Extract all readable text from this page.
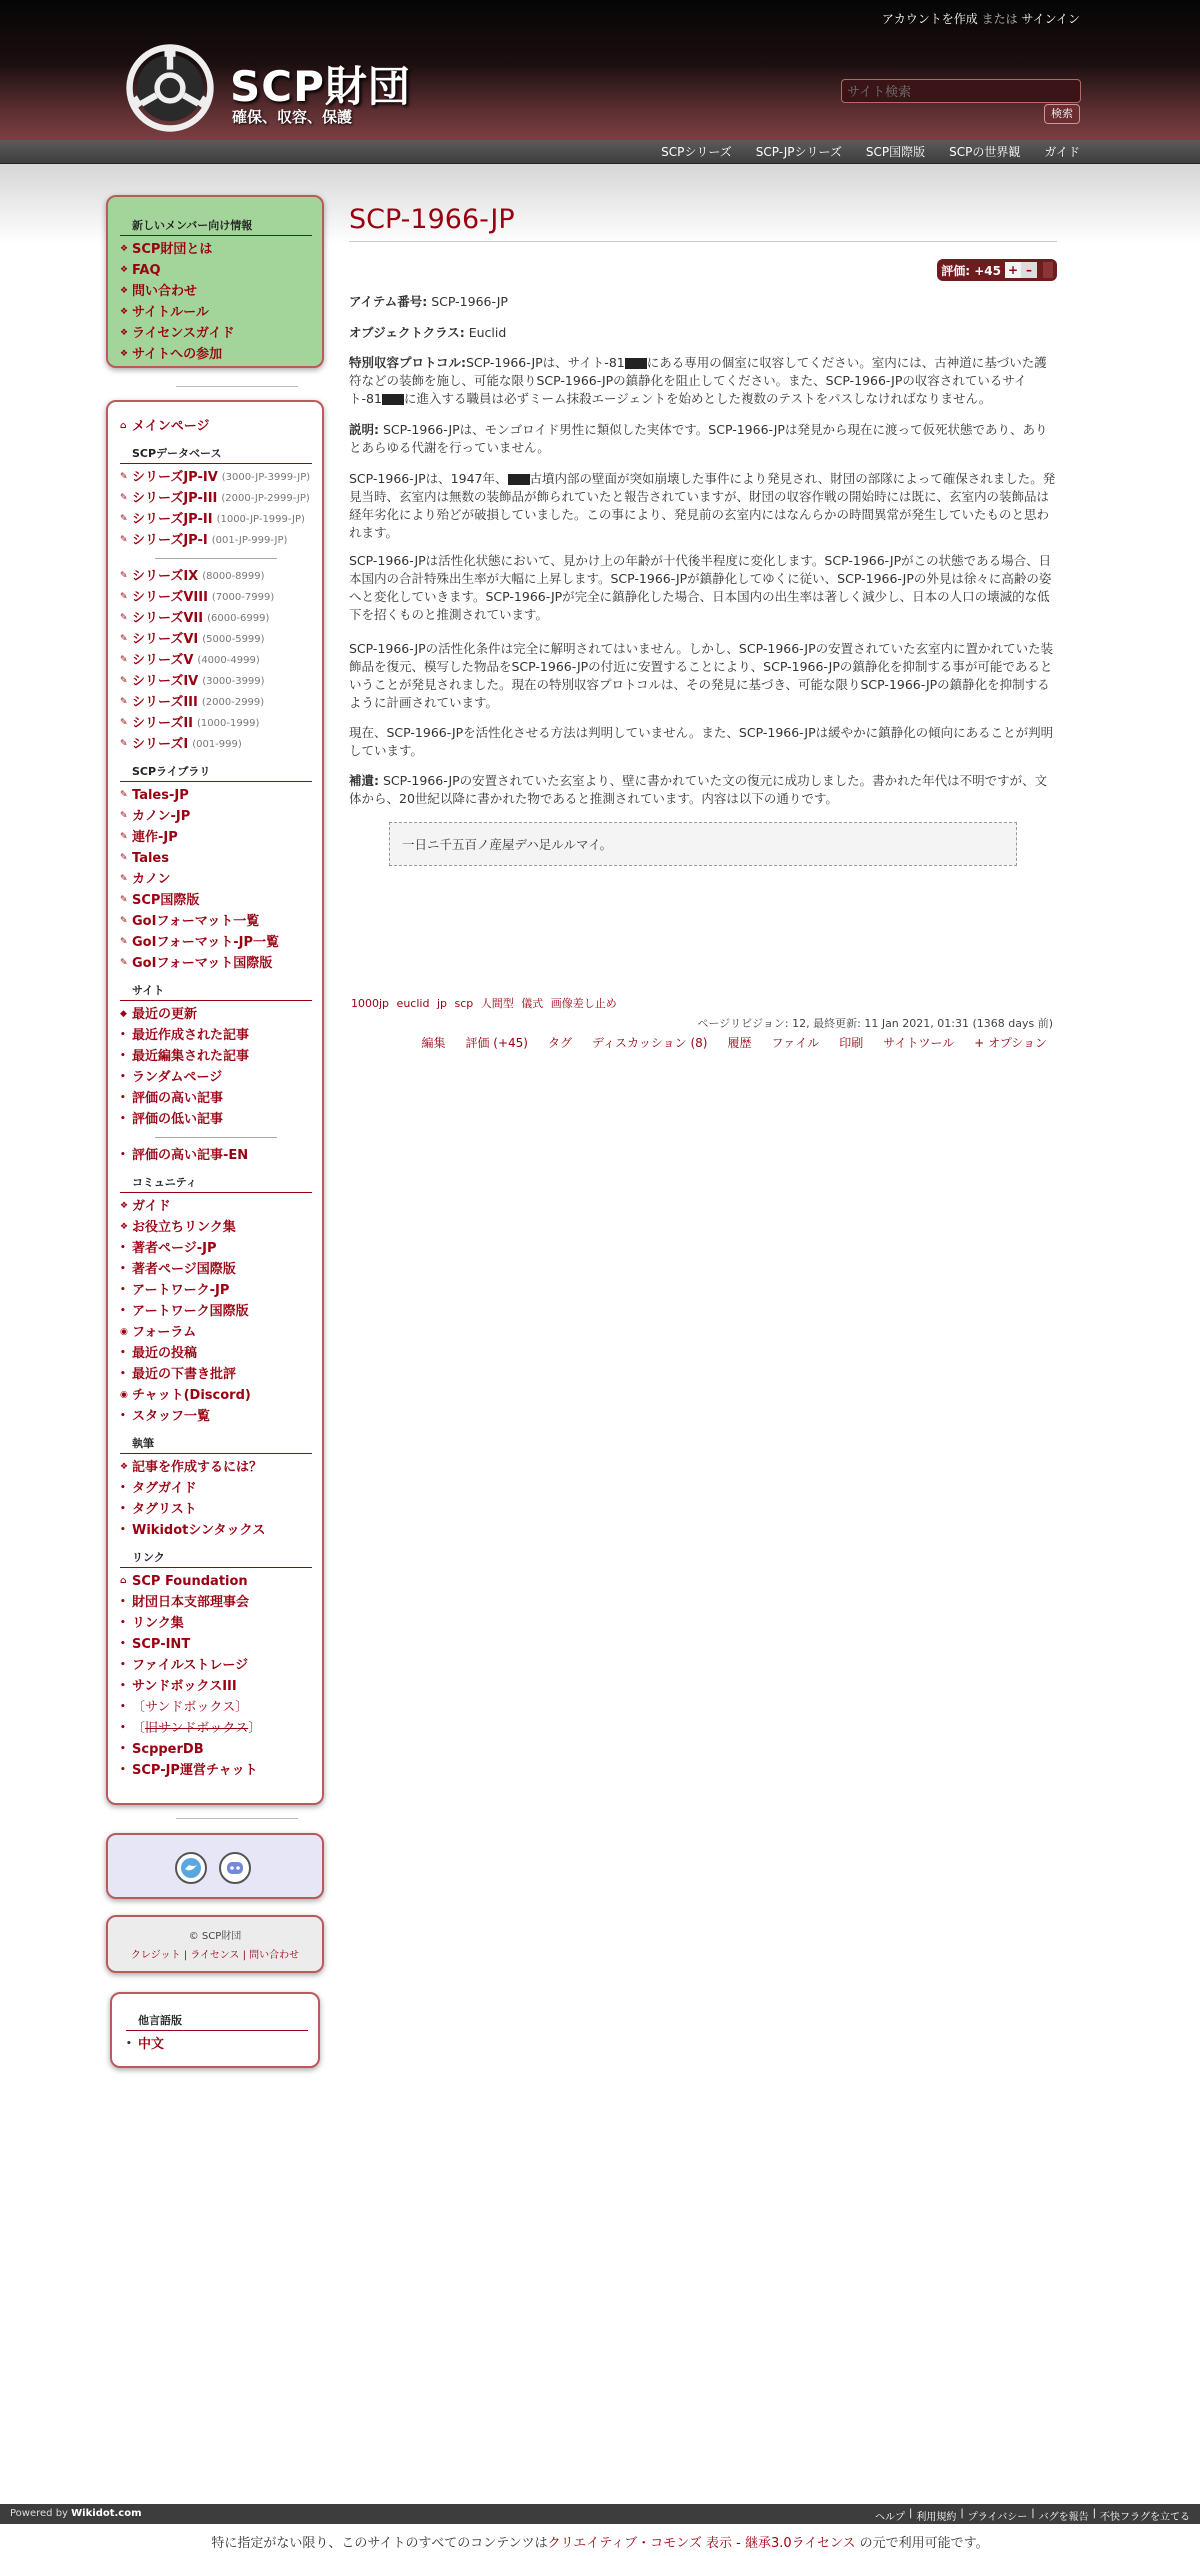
アカウントを作成 または サインイン
SCP財団
確保、収容、保護
サイト検索	検索
SCPシリーズ SCP-JPシリーズ SCP国際版 SCPの世界観 ガイド
新しいメンバー向け情報
❖ SCP財団とは
❖ FAQ
❖ 問い合わせ
❖ サイトルール
❖ ライセンスガイド
❖ サイトへの参加
⌂ メインページ
SCPデータベース
✎ シリーズJP-IV (3000-JP-3999-JP)
✎ シリーズJP-III (2000-JP-2999-JP)
✎ シリーズJP-II (1000-JP-1999-JP)
✎ シリーズJP-I (001-JP-999-JP)
✎ シリーズIX (8000-8999)
✎ シリーズVIII (7000-7999)
✎ シリーズVII (6000-6999)
✎ シリーズVI (5000-5999)
✎ シリーズV (4000-4999)
✎ シリーズIV (3000-3999)
✎ シリーズIII (2000-2999)
✎ シリーズII (1000-1999)
✎ シリーズI (001-999)
SCPライブラリ
✎ Tales-JP
✎ カノン-JP
✎ 連作-JP
✎ Tales
✎ カノン
✎ SCP国際版
✎ GoIフォーマット一覧
✎ GoIフォーマット-JP一覧
✎ GoIフォーマット国際版
サイト
◆ 最近の更新
• 最近作成された記事
• 最近編集された記事
• ランダムページ
• 評価の高い記事
• 評価の低い記事
• 評価の高い記事-EN
コミュニティ
❖ ガイド
❖ お役立ちリンク集
• 著者ページ-JP
• 著者ページ国際版
• アートワーク-JP
• アートワーク国際版
◉ フォーラム
• 最近の投稿
• 最近の下書き批評
◉ チャット(Discord)
• スタッフ一覧
執筆
❖ 記事を作成するには？
• タグガイド
• タグリスト
• Wikidotシンタックス
リンク
⌂ SCP Foundation
• 財団日本支部理事会
• リンク集
• SCP-INT
• ファイルストレージ
• サンドボックスIII
• 〔サンドボックス〕
• 〔 旧サンドボックス 〕
• ScpperDB
• SCP-JP運営チャット
© SCP財団
クレジット | ライセンス | 問い合わせ
他言語版
• 中文
SCP-1966-JP
評価: +45 + –
アイテム番号: SCP-1966-JP
オブジェクトクラス: Euclid
特別収容プロトコル:SCP-1966-JPは、サイト-81 にある専用の個室に収容してください。室内には、古神道に基づいた護符などの装飾を施し、可能な限りSCP-1966-JPの鎮静化を阻止してください。また、SCP-1966-JPの収容されているサイト-81 に進入する職員は必ずミーム抹殺エージェントを始めとした複数のテストをパスしなければなりません。
説明: SCP-1966-JPは、モンゴロイド男性に類似した実体です。SCP-1966-JPは発見から現在に渡って仮死状態であり、ありとあらゆる代謝を行っていません。
SCP-1966-JPは、1947年、 古墳内部の壁面が突如崩壊した事件により発見され、財団の部隊によって確保されました。発見当時、玄室内は無数の装飾品が飾られていたと報告されていますが、財団の収容作戦の開始時には既に、玄室内の装飾品は経年劣化により殆どが破損していました。この事により、発見前の玄室内にはなんらかの時間異常が発生していたものと思われます。
SCP-1966-JPは活性化状態において、見かけ上の年齢が十代後半程度に変化します。SCP-1966-JPがこの状態である場合、日本国内の合計特殊出生率が大幅に上昇します。SCP-1966-JPが鎮静化してゆくに従い、SCP-1966-JPの外見は徐々に高齢の姿へと変化していきます。SCP-1966-JPが完全に鎮静化した場合、日本国内の出生率は著しく減少し、日本の人口の壊滅的な低下を招くものと推測されています。
SCP-1966-JPの活性化条件は完全に解明されてはいません。しかし、SCP-1966-JPの安置されていた玄室内に置かれていた装飾品を復元、模写した物品をSCP-1966-JPの付近に安置することにより、SCP-1966-JPの鎮静化を抑制する事が可能であるということが発見されました。現在の特別収容プロトコルは、その発見に基づき、可能な限りSCP-1966-JPの鎮静化を抑制するように計画されています。
現在、SCP-1966-JPを活性化させる方法は判明していません。また、SCP-1966-JPは緩やかに鎮静化の傾向にあることが判明しています。
補遺: SCP-1966-JPの安置されていた玄室より、壁に書かれていた文の復元に成功しました。書かれた年代は不明ですが、文体から、20世紀以降に書かれた物であると推測されています。内容は以下の通りです。
一日ニ千五百ノ産屋デハ足ルルマイ。
1000jp euclid jp scp 人間型 儀式 画像差し止め
ページリビジョン: 12, 最終更新: 11 Jan 2021, 01:31 (1368 days 前)
編集 評価 (+45) タグ ディスカッション (8) 履歴 ファイル 印刷 サイトツール + オプション
Powered by Wikidot.com	ヘルプ | 利用規約 | プライバシー | バグを報告 | 不快フラグを立てる
特に指定がない限り、このサイトのすべてのコンテンツはクリエイティブ・コモンズ 表示 - 継承3.0ライセンス の元で利用可能です。
